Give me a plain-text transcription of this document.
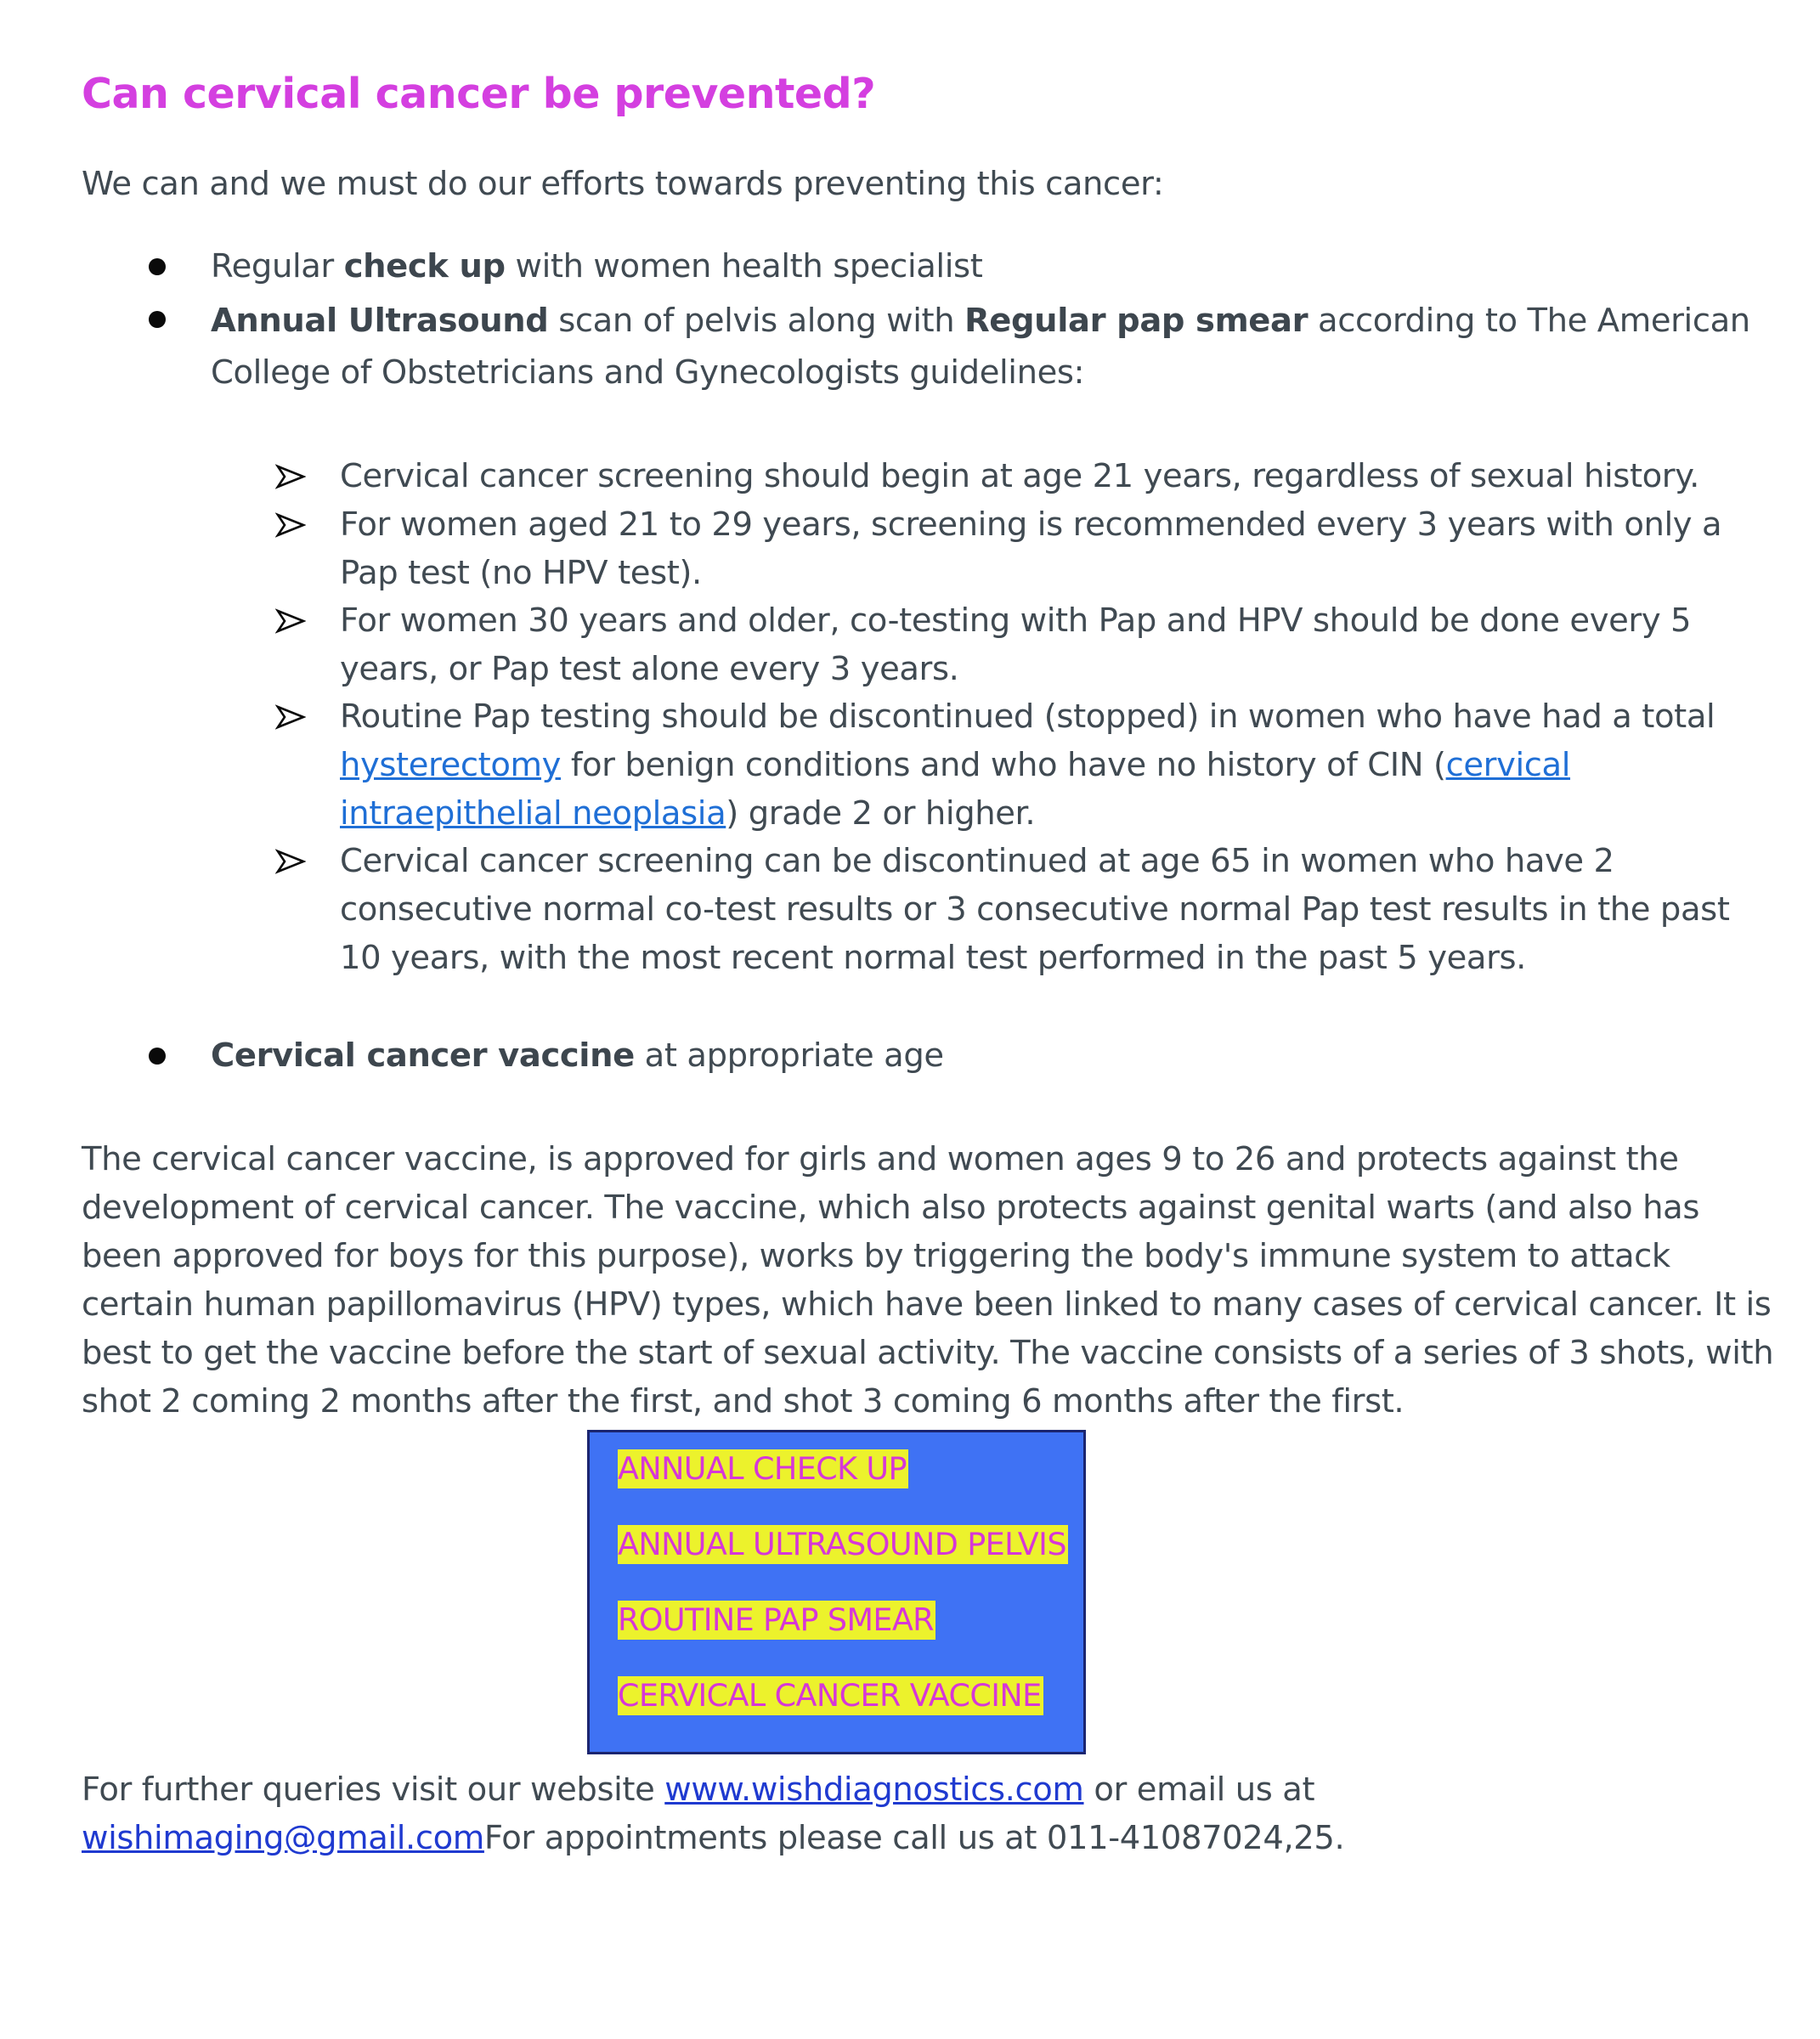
Can cervical cancer be prevented?
We can and we must do our efforts towards preventing this cancer:
Regular check up with women health specialist
Annual Ultrasound scan of pelvis along with Regular pap smear according to The American College of Obstetricians and Gynecologists guidelines:
Cervical cancer screening should begin at age 21 years, regardless of sexual history.
For women aged 21 to 29 years, screening is recommended every 3 years with only a Pap test (no HPV test).
For women 30 years and older, co-testing with Pap and HPV should be done every 5 years, or Pap test alone every 3 years.
Routine Pap testing should be discontinued (stopped) in women who have had a total hysterectomy for benign conditions and who have no history of CIN (cervical intraepithelial neoplasia) grade 2 or higher.
Cervical cancer screening can be discontinued at age 65 in women who have 2 consecutive normal co-test results or 3 consecutive normal Pap test results in the past 10 years, with the most recent normal test performed in the past 5 years.
Cervical cancer vaccine at appropriate age

The cervical cancer vaccine, is approved for girls and women ages 9 to 26 and protects against the development of cervical cancer. The vaccine, which also protects against genital warts (and also has been approved for boys for this purpose), works by triggering the body's immune system to attack certain human papillomavirus (HPV) types, which have been linked to many cases of cervical cancer. It is best to get the vaccine before the start of sexual activity. The vaccine consists of a series of 3 shots, with shot 2 coming 2 months after the first, and shot 3 coming 6 months after the first.

ANNUAL CHECK UP
ANNUAL ULTRASOUND PELVIS
ROUTINE PAP SMEAR
CERVICAL CANCER VACCINE

For further queries visit our website www.wishdiagnostics.com or email us at
wishimaging@gmail.comFor appointments please call us at 011-41087024,25.
